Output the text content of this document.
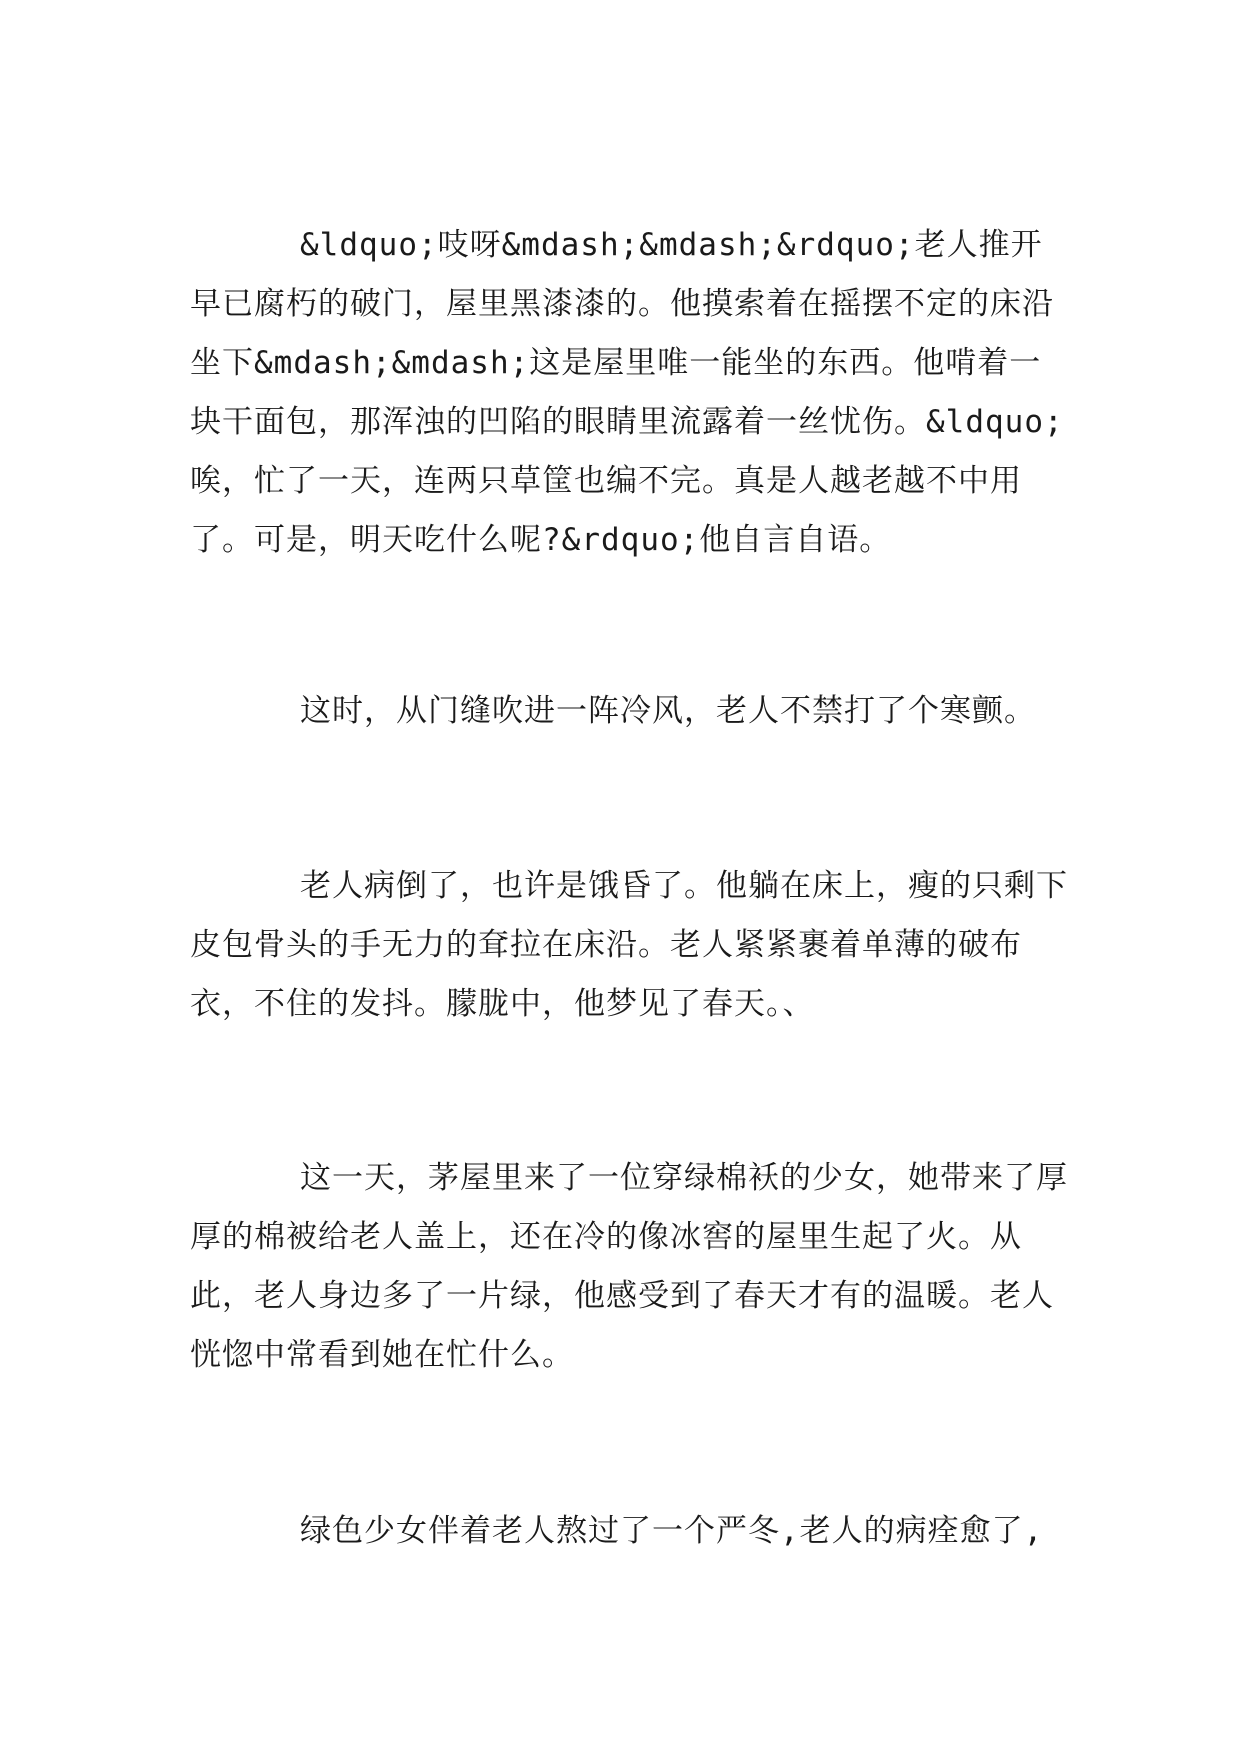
&ldquo;吱呀&mdash;&mdash;&rdquo;老人推开早已腐朽的破门，屋里黑漆漆的。他摸索着在摇摆不定的床沿坐下&mdash;&mdash;这是屋里唯一能坐的东西。他啃着一块干面包，那浑浊的凹陷的眼睛里流露着一丝忧伤。&ldquo;唉，忙了一天，连两只草筐也编不完。真是人越老越不中用了。可是，明天吃什么呢?&rdquo;他自言自语。

这时，从门缝吹进一阵冷风，老人不禁打了个寒颤。

老人病倒了，也许是饿昏了。他躺在床上，瘦的只剩下皮包骨头的手无力的耷拉在床沿。老人紧紧裹着单薄的破布衣，不住的发抖。朦胧中，他梦见了春天。、

这一天，茅屋里来了一位穿绿棉袄的少女，她带来了厚厚的棉被给老人盖上，还在冷的像冰窖的屋里生起了火。从此，老人身边多了一片绿，他感受到了春天才有的温暖。老人恍惚中常看到她在忙什么。

绿色少女伴着老人熬过了一个严冬,老人的病痊愈了,
